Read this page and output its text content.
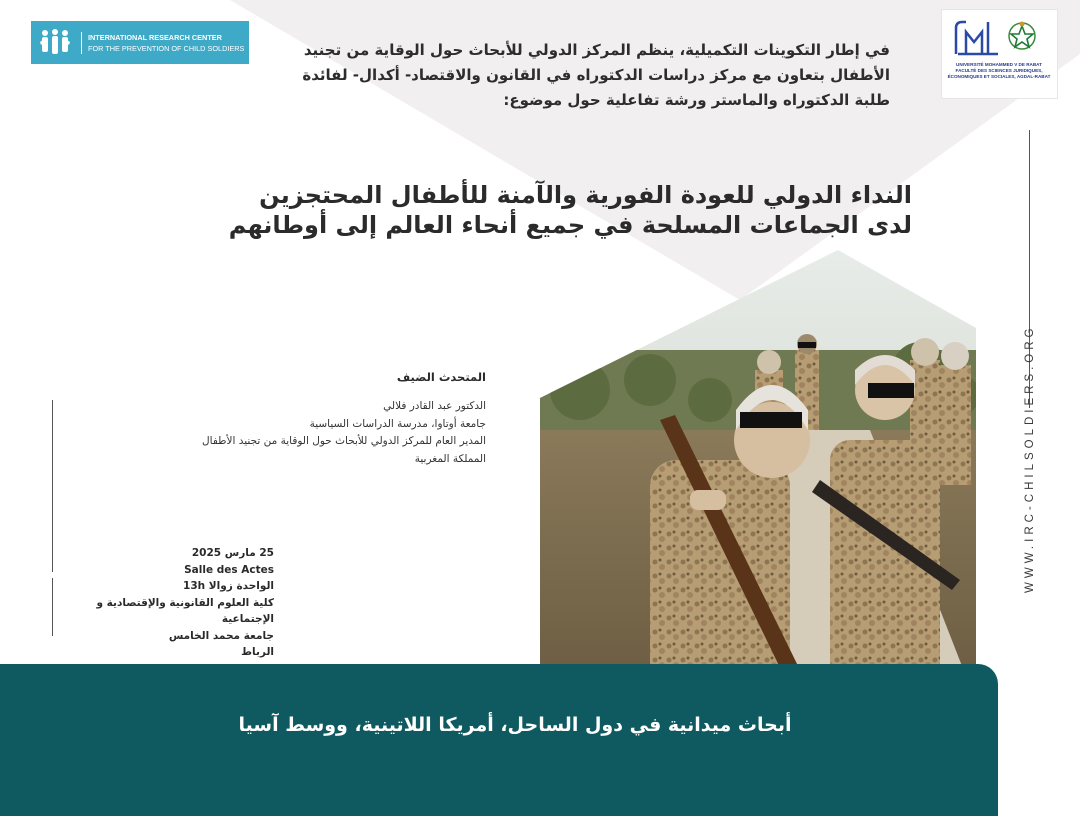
INTERNATIONAL RESEARCH CENTER
FOR THE PREVENTION OF CHILD SOLDIERS
UNIVERSITÉ MOHAMMED V DE RABAT FACULTÉ DES SCIENCES JURIDIQUES, ÉCONOMIQUES ET SOCIALES, AGDAL-RABAT
في إطار التكوينات التكميلية، ينظم المركز الدولي للأبحاث حول الوقاية من تجنيد
الأطفال بتعاون مع مركز دراسات الدكتوراه في القانون والاقتصاد- أكدال- لفائدة
طلبة الدكتوراه والماستر ورشة تفاعلية حول موضوع:
النداء الدولي للعودة الفورية والآمنة للأطفال المحتجزين
لدى الجماعات المسلحة في جميع أنحاء العالم إلى أوطانهم
المتحدث الضيف
الدكتور عبد القادر فلالي
جامعة أوتاوا، مدرسة الدراسات السياسية
المدير العام للمركز الدولي للأبحاث حول الوقاية من تجنيد الأطفال
المملكة المغربية
25 مارس 2025
Salle des Actes
الواحدة زوالا 13h
كلية العلوم القانونية والإقتصادية و الإجتماعية
جامعة محمد الخامس
الرباط
أبحاث ميدانية في دول الساحل، أمريكا اللاتينية، ووسط آسيا
WWW.IRC-CHILSOLDIERS.ORG
